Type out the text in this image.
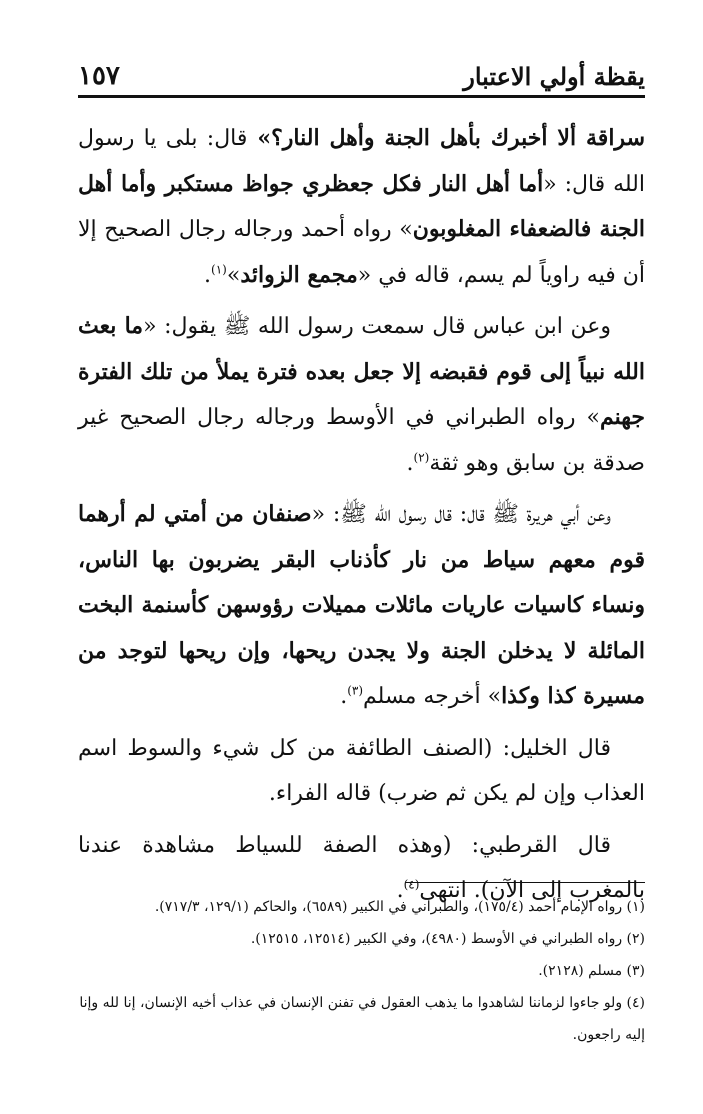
١٥٧	يقظة أولي الاعتبار

سراقة ألا أخبرك بأهل الجنة وأهل النار؟» قال: بلى يا رسول الله قال: «أما أهل النار فكل جعظري جواظ مستكبر وأما أهل الجنة فالضعفاء المغلوبون» رواه أحمد ورجاله رجال الصحيح إلا أن فيه راوياً لم يسم، قاله في «مجمع الزوائد»$^{(١)}$.

وعن ابن عباس قال سمعت رسول الله ﷺ يقول: «ما بعث الله نبياً إلى قوم فقبضه إلا جعل بعده فترة يملأ من تلك الفترة جهنم» رواه الطبراني في الأوسط ورجاله رجال الصحيح غير صدقة بن سابق وهو ثقة$^{(٢)}$.

وعن أبي هريرة ﷺ قال: قال رسول الله ﷺ: «صنفان من أمتي لم أرهما قوم معهم سياط من نار كأذناب البقر يضربون بها الناس، ونساء كاسيات عاريات مائلات مميلات رؤوسهن كأسنمة البخت المائلة لا يدخلن الجنة ولا يجدن ريحها، وإن ريحها لتوجد من مسيرة كذا وكذا» أخرجه مسلم$^{(٣)}$.

قال الخليل: (الصنف الطائفة من كل شيء والسوط اسم العذاب وإن لم يكن ثم ضرب) قاله الفراء.

قال القرطبي: (وهذه الصفة للسياط مشاهدة عندنا بالمغرب إلى الآن). انتهى$^{(٤)}$.

(١) رواه الإمام أحمد (١٧٥/٤)، والطبراني في الكبير (٦٥٨٩)، والحاكم (١٢٩/١، ٧١٧/٣).
(٢) رواه الطبراني في الأوسط (٤٩٨٠)، وفي الكبير (١٢٥١٤، ١٢٥١٥).
(٣) مسلم (٢١٢٨).
(٤) ولو جاءوا لزماننا لشاهدوا ما يذهب العقول في تفنن الإنسان في عذاب أخيه الإنسان، إنا لله وإنا إليه راجعون.
